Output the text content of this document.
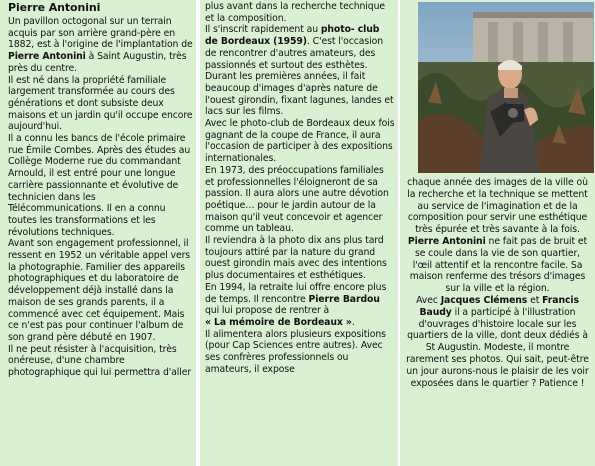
Pierre Antonini

Un pavillon octogonal sur un terrain acquis par son arrière grand-père en 1882, est à l'origine de l'implantation de Pierre Antonini à Saint Augustin, très près du centre.

Il est né dans la propriété familiale largement transformée au cours des générations et dont subsiste deux maisons et un jardin qu'il occupe encore aujourd'hui.

Il a connu les bancs de l'école primaire rue Émile Combes. Après des études au Collège Moderne rue du commandant Arnould, il est entré pour une longue carrière passionnante et évolutive de technicien dans les Télécommunications. Il en a connu toutes les transformations et les révolutions techniques.

Avant son engagement professionnel, il ressent en 1952 un véritable appel vers la photographie. Familier des appareils photographiques et du laboratoire de développement déjà installé dans la maison de ses grands parents, il a commencé avec cet équipement. Mais ce n'est pas pour continuer l'album de son grand père débuté en 1907.

Il ne peut résister à l'acquisition, très onéreuse, d'une chambre photographique qui lui permettra d'aller

plus avant dans la recherche technique et la composition.

Il s'inscrit rapidement au photo- club de Bordeaux (1959). C'est l'occasion de rencontrer d'autres amateurs, des passionnés et surtout des esthètes. Durant les premières années, il fait beaucoup d'images d'après nature de l'ouest girondin, fixant lagunes, landes et lacs sur les films.

Avec le photo-club de Bordeaux deux fois gagnant de la coupe de France, il aura l'occasion de participer à des expositions internationales.

En 1973, des préoccupations familiales et professionnelles l'éloigneront de sa passion. Il aura alors une autre dévotion poétique… pour le jardin autour de la maison qu'il veut concevoir et agencer comme un tableau.

Il reviendra à la photo dix ans plus tard toujours attiré par la nature du grand ouest girondin mais avec des intentions plus documentaires et esthétiques.

En 1994, la retraite lui offre encore plus de temps. Il rencontre Pierre Bardou qui lui propose de rentrer à
« La mémoire de Bordeaux ».

Il alimentera alors plusieurs expositions (pour Cap Sciences entre autres). Avec ses confrères professionnels ou amateurs, il expose

chaque année des images de la ville où la recherche et la technique se mettent au service de l'imagination et de la composition pour servir une esthétique très épurée et très savante à la fois.

Pierre Antonini ne fait pas de bruit et se coule dans la vie de son quartier, l'œil attentif et la rencontre facile. Sa maison renferme des trésors d'images sur la ville et la région.

Avec Jacques Clémens et Francis Baudy il a participé à l'illustration d'ouvrages d'histoire locale sur les quartiers de la ville, dont deux dédiés à St Augustin. Modeste, il montre rarement ses photos. Qui sait, peut-être un jour aurons-nous le plaisir de les voir exposées dans le quartier ? Patience !
